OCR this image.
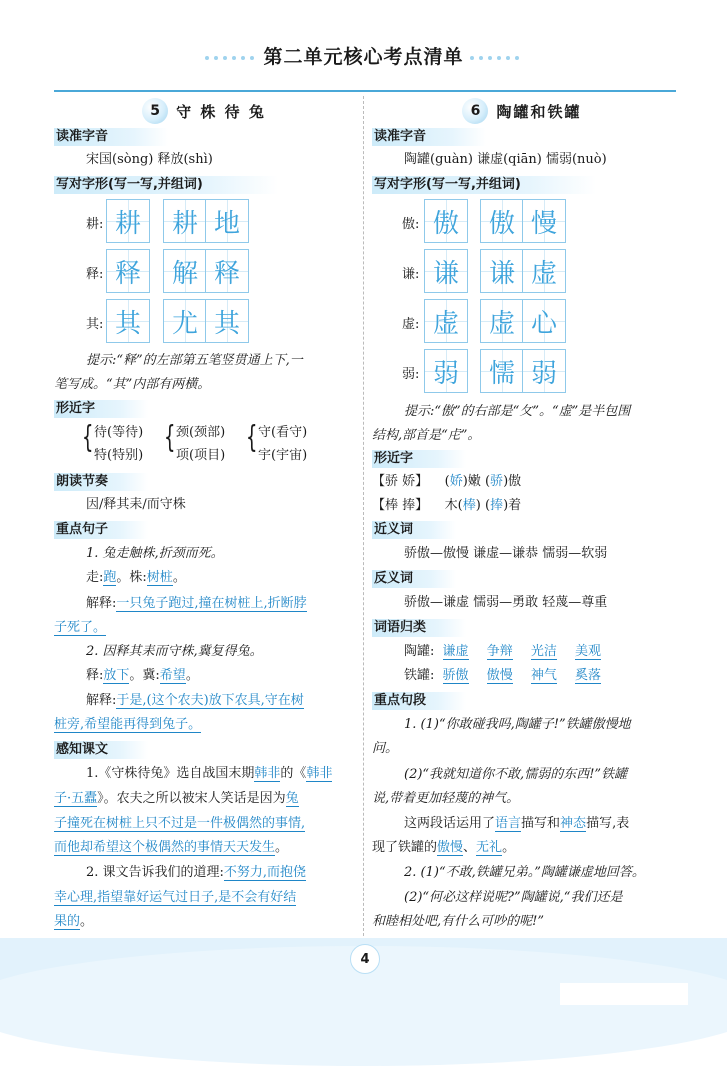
第二单元核心考点清单
5	守 株 待 兔
读准字音
宋国(sòng) 释放(shì)
写对字形(写一写,并组词)
耕: 耕	耕 地
释: 释	解 释
其: 其	尤 其
提示:“释”的左部第五笔竖贯通上下,一
笔写成。“其”内部有两横。
形近字
{ 待(等待)
特(特别)
{ 颈(颈部)
项(项目)
{ 守(看守)
宇(宇宙)
朗读节奏
因/释其耒/而守株
重点句子
1. 兔走触株,折颈而死。
走:跑。株:树桩。
解释:一只兔子跑过,撞在树桩上,折断脖
子死了。
2. 因释其耒而守株,冀复得兔。
释:放下。冀:希望。
解释:于是,(这个农夫)放下农具,守在树
桩旁,希望能再得到兔子。
感知课文
1.《守株待兔》选自战国末期韩非的《韩非
子·五蠹》。农夫之所以被宋人笑话是因为兔
子撞死在树桩上只不过是一件极偶然的事情,
而他却希望这个极偶然的事情天天发生。
2. 课文告诉我们的道理:不努力,而抱侥
幸心理,指望靠好运气过日子,是不会有好结
果的。
6	陶罐和铁罐
读准字音
陶罐(guàn) 谦虚(qiān) 懦弱(nuò)
写对字形(写一写,并组词)
傲: 傲	傲 慢
谦: 谦	谦 虚
虚: 虚	虚 心
弱: 弱	懦 弱
提示:“傲”的右部是“攵”。“虚”是半包围
结构,部首是“虍”。
形近字
【骄 娇】 (娇)嫩 (骄)傲
【棒 捧】 木(棒) (捧)着
近义词
骄傲—傲慢 谦虚—谦恭 懦弱—软弱
反义词
骄傲—谦虚 懦弱—勇敢 轻蔑—尊重
词语归类
陶罐: 谦虚 争辩 光洁 美观
铁罐: 骄傲 傲慢 神气 奚落
重点句段
1. (1)“你敢碰我吗,陶罐子!”铁罐傲慢地
问。
(2)“我就知道你不敢,懦弱的东西!”铁罐
说,带着更加轻蔑的神气。
这两段话运用了语言描写和神态描写,表
现了铁罐的傲慢、无礼。
2. (1)“不敢,铁罐兄弟。”陶罐谦虚地回答。
(2)“何必这样说呢?”陶罐说,“我们还是
和睦相处吧,有什么可吵的呢!”
4
